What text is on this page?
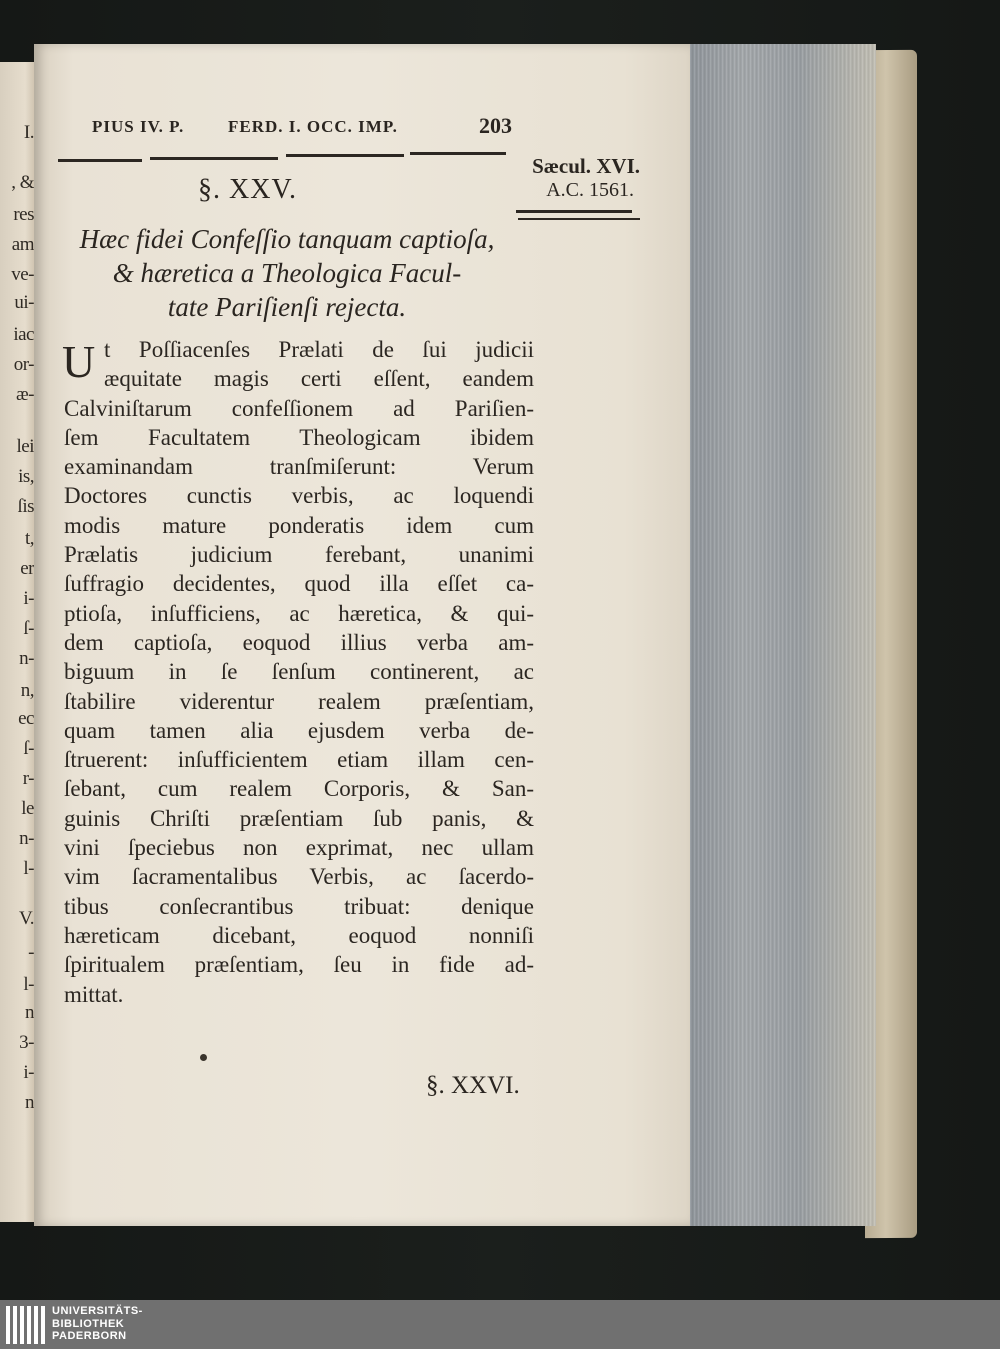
I.
, &
res
am
ve-
ui-
iac
or-
æ-
lei
is,
ſis
t,
er
i-
ſ-
n-
n,
ec
ſ-
r-
le
n-
l-
V.
-
l-
n
3-
i-
n
PIUS IV. P.	FERD. I. OCC. IMP.	203
Sæcul. XVI.
A.C. 1561.
§. XXV.
Hæc fidei Confeſſio tanquam captioſa,
& hæretica a Theologica Facul-
tate Pariſienſi rejecta.
U t Poſſiacenſes Prælati de ſui judicii
æquitate magis certi eſſent, eandem
Calviniſtarum confeſſionem ad Pariſien-
ſem Facultatem Theologicam ibidem
examinandam tranſmiſerunt: Verum
Doctores cunctis verbis, ac loquendi
modis mature ponderatis idem cum
Prælatis judicium ferebant, unanimi
ſuffragio decidentes, quod illa eſſet ca-
ptioſa, inſufficiens, ac hæretica, & qui-
dem captioſa, eoquod illius verba am-
biguum in ſe ſenſum continerent, ac
ſtabilire viderentur realem præſentiam,
quam tamen alia ejusdem verba de-
ſtruerent: inſufficientem etiam illam cen-
ſebant, cum realem Corporis, & San-
guinis Chriſti præſentiam ſub panis, &
vini ſpeciebus non exprimat, nec ullam
vim ſacramentalibus Verbis, ac ſacerdo-
tibus conſecrantibus tribuat: denique
hæreticam dicebant, eoquod nonniſi
ſpiritualem præſentiam, ſeu in fide ad-
mittat.
§. XXVI.
UNIVERSITÄTS-
BIBLIOTHEK
PADERBORN
